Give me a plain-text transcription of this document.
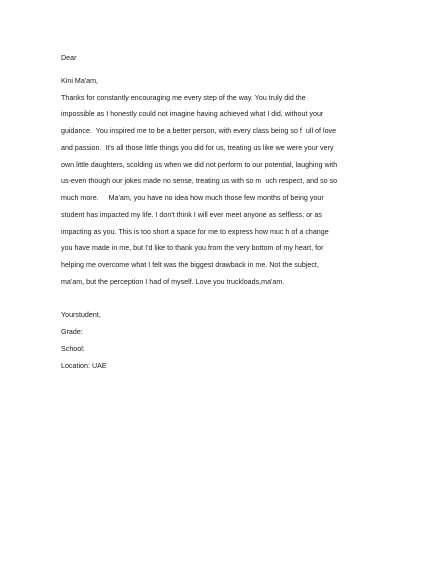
Dear
Kini Ma'am,
Thanks for constantly encouraging me every step of the way. You truly did the
impossible as I honestly could not imagine having achieved what I did, without your
guidance.  You inspired me to be a better person, with every class being so f  ull of love
and passion.  It's all those little things you did for us, treating us like we were your very
own little daughters, scolding us when we did not perform to our potential, laughing with
us-even though our jokes made no sense, treating us with so m  uch respect, and so so
much more.     Ma'am, you have no idea how much those few months of being your
student has impacted my life. I don't think I will ever meet anyone as selfless, or as
impacting as you. This is too short a space for me to express how muc h of a change
you have made in me, but I'd like to thank you from the very bottom of my heart, for
helping me overcome what I felt was the biggest drawback in me. Not the subject,
ma'am, but the perception I had of myself. Love you truckloads,ma'am.
Yourstudent,
Grade:
School:
Location: UAE
